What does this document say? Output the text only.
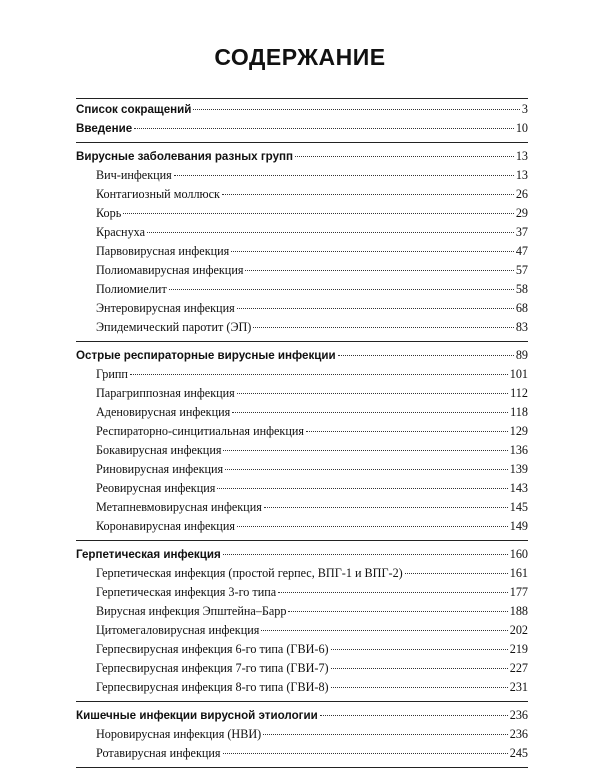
СОДЕРЖАНИЕ
Список сокращений	3
Введение	10
Вирусные заболевания разных групп	13
Вич-инфекция	13
Контагиозный моллюск	26
Корь	29
Краснуха	37
Парвовирусная инфекция	47
Полиомавирусная инфекция	57
Полиомиелит	58
Энтеровирусная инфекция	68
Эпидемический паротит (ЭП)	83
Острые респираторные вирусные инфекции	89
Грипп	101
Парагриппозная инфекция	112
Аденовирусная инфекция	118
Респираторно-синцитиальная инфекция	129
Бокавирусная инфекция	136
Риновирусная инфекция	139
Реовирусная инфекция	143
Метапневмовирусная инфекция	145
Коронавирусная инфекция	149
Герпетическая инфекция	160
Герпетическая инфекция (простой герпес, ВПГ-1 и ВПГ-2)	161
Герпетическая инфекция 3-го типа	177
Вирусная инфекция Эпштейна–Барр	188
Цитомегаловирусная инфекция	202
Герпесвирусная инфекция 6-го типа (ГВИ-6)	219
Герпесвирусная инфекция 7-го типа (ГВИ-7)	227
Герпесвирусная инфекция 8-го типа (ГВИ-8)	231
Кишечные инфекции вирусной этиологии	236
Норовирусная инфекция (НВИ)	236
Ротавирусная инфекция	245
